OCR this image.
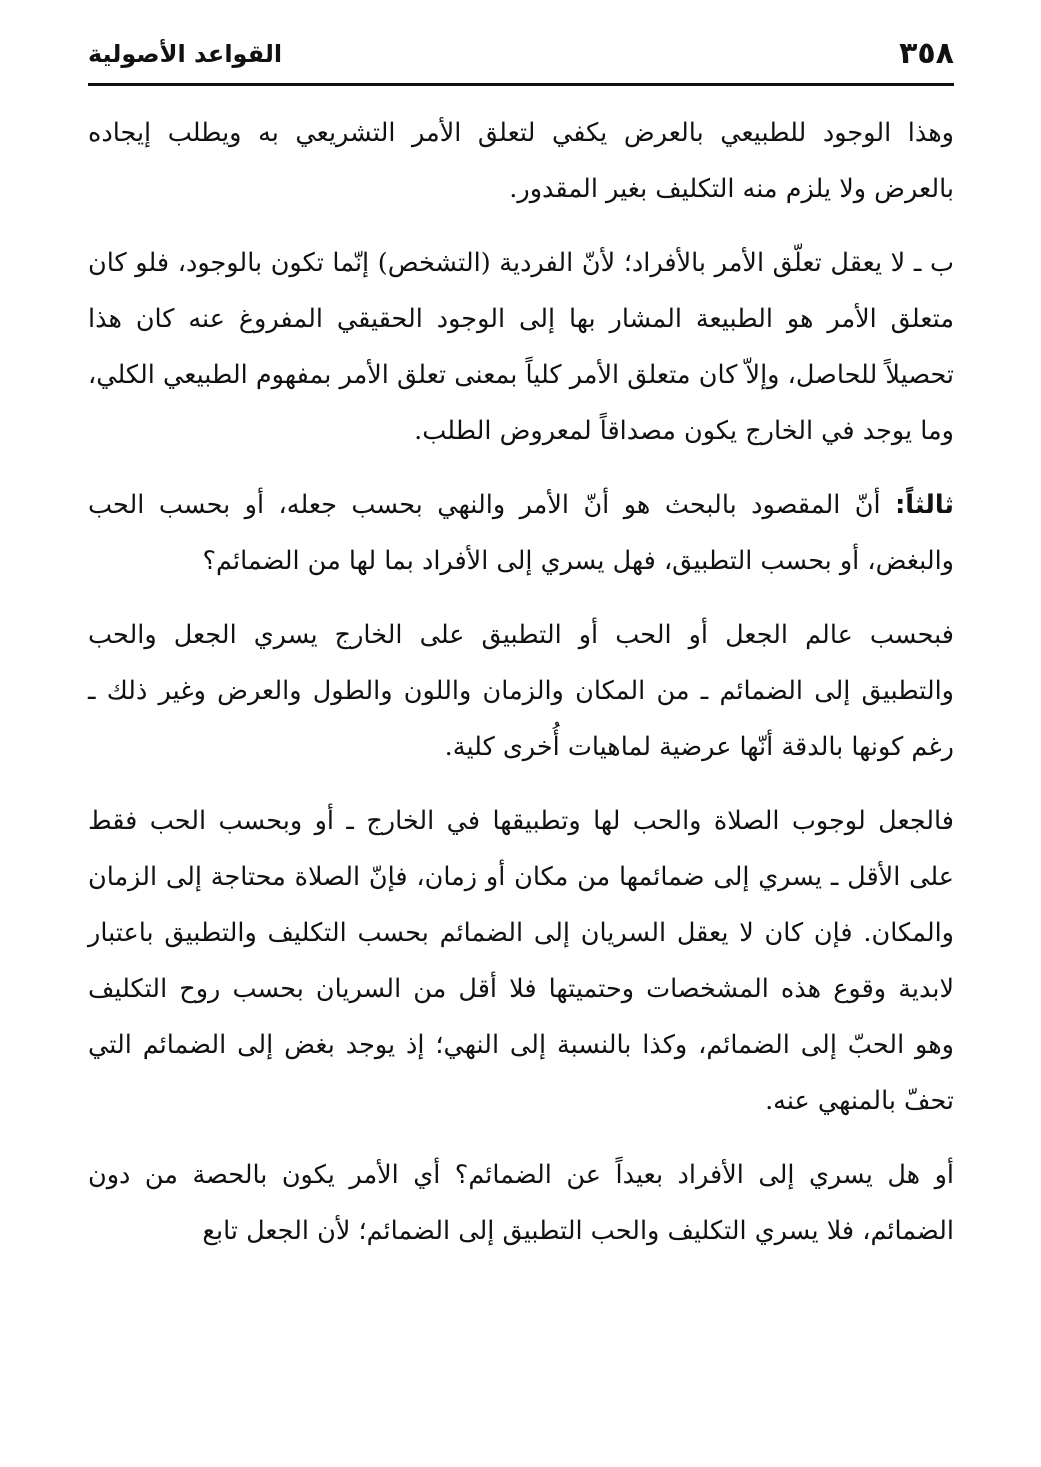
٣٥٨
القواعد الأصولية

وهذا الوجود للطبيعي بالعرض يكفي لتعلق الأمر التشريعي به ويطلب إيجاده بالعرض ولا يلزم منه التكليف بغير المقدور.

ب ـ لا يعقل تعلّق الأمر بالأفراد؛ لأنّ الفردية (التشخص) إنّما تكون بالوجود، فلو كان متعلق الأمر هو الطبيعة المشار بها إلى الوجود الحقيقي المفروغ عنه كان هذا تحصيلاً للحاصل، وإلاّ كان متعلق الأمر كلياً بمعنى تعلق الأمر بمفهوم الطبيعي الكلي، وما يوجد في الخارج يكون مصداقاً لمعروض الطلب.

ثالثاً: أنّ المقصود بالبحث هو أنّ الأمر والنهي بحسب جعله، أو بحسب الحب والبغض، أو بحسب التطبيق، فهل يسري إلى الأفراد بما لها من الضمائم؟

فبحسب عالم الجعل أو الحب أو التطبيق على الخارج يسري الجعل والحب والتطبيق إلى الضمائم ـ من المكان والزمان واللون والطول والعرض وغير ذلك ـ رغم كونها بالدقة أنّها عرضية لماهيات أُخرى كلية.

فالجعل لوجوب الصلاة والحب لها وتطبيقها في الخارج ـ أو وبحسب الحب فقط على الأقل ـ يسري إلى ضمائمها من مكان أو زمان، فإنّ الصلاة محتاجة إلى الزمان والمكان. فإن كان لا يعقل السريان إلى الضمائم بحسب التكليف والتطبيق باعتبار لابدية وقوع هذه المشخصات وحتميتها فلا أقل من السريان بحسب روح التكليف وهو الحبّ إلى الضمائم، وكذا بالنسبة إلى النهي؛ إذ يوجد بغض إلى الضمائم التي تحفّ بالمنهي عنه.

أو هل يسري إلى الأفراد بعيداً عن الضمائم؟ أي الأمر يكون بالحصة من دون الضمائم، فلا يسري التكليف والحب التطبيق إلى الضمائم؛ لأن الجعل تابع
